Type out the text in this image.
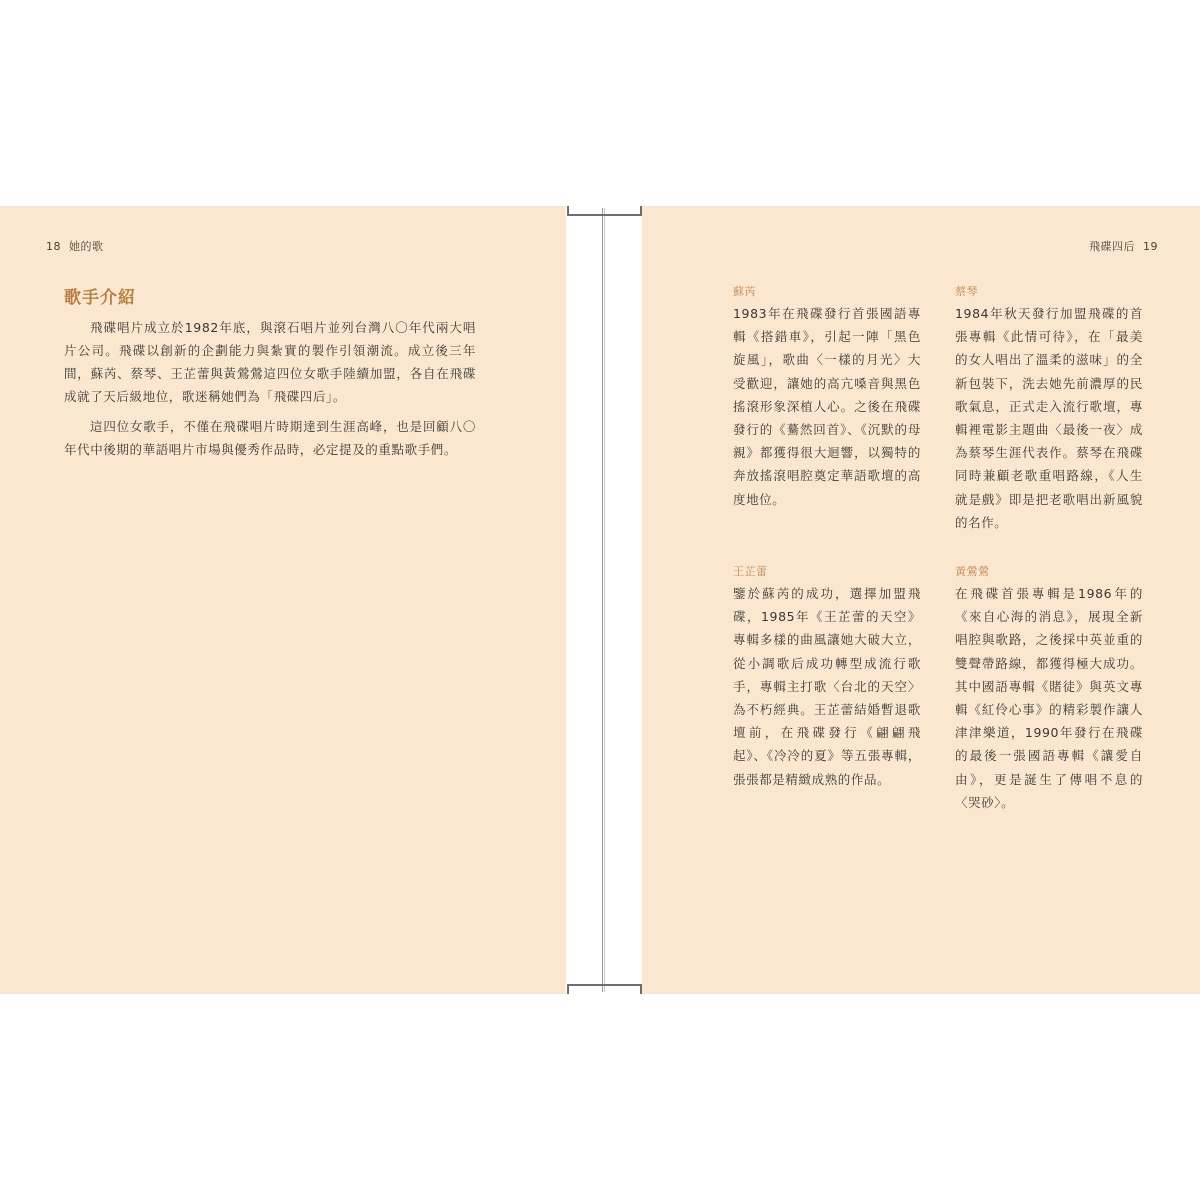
18 她的歌	飛碟四后 19
歌手介紹

飛碟唱片成立於1982年底，與滾石唱片並列台灣八〇年代兩大唱片公司。飛碟以創新的企劃能力與紮實的製作引領潮流。成立後三年間，蘇芮、蔡琴、王芷蕾與黃鶯鶯這四位女歌手陸續加盟，各自在飛碟成就了天后級地位，歌迷稱她們為「飛碟四后」。

這四位女歌手，不僅在飛碟唱片時期達到生涯高峰，也是回顧八〇年代中後期的華語唱片市場與優秀作品時，必定提及的重點歌手們。

蘇芮

1983年在飛碟發行首張國語專輯《搭錯車》，引起一陣「黑色旋風」，歌曲〈一樣的月光〉大受歡迎，讓她的高亢嗓音與黑色搖滾形象深植人心。之後在飛碟發行的《驀然回首》、《沉默的母親》都獲得很大迴響，以獨特的奔放搖滾唱腔奠定華語歌壇的高度地位。

蔡琴

1984年秋天發行加盟飛碟的首張專輯《此情可待》，在「最美的女人唱出了溫柔的滋味」的全新包裝下，洗去她先前濃厚的民歌氣息，正式走入流行歌壇，專輯裡電影主題曲〈最後一夜〉成為蔡琴生涯代表作。蔡琴在飛碟同時兼顧老歌重唱路線，《人生就是戲》即是把老歌唱出新風貌的名作。

王芷蕾

鑒於蘇芮的成功，選擇加盟飛碟，1985年《王芷蕾的天空》專輯多樣的曲風讓她大破大立，從小調歌后成功轉型成流行歌手，專輯主打歌〈台北的天空〉為不朽經典。王芷蕾結婚暫退歌壇前，在飛碟發行《翩翩飛起》、《冷冷的夏》等五張專輯，張張都是精緻成熟的作品。

黃鶯鶯

在飛碟首張專輯是1986年的《來自心海的消息》，展現全新唱腔與歌路，之後採中英並重的雙聲帶路線，都獲得極大成功。其中國語專輯《賭徒》與英文專輯《紅伶心事》的精彩製作讓人津津樂道，1990年發行在飛碟的最後一張國語專輯《讓愛自由》，更是誕生了傳唱不息的〈哭砂〉。
